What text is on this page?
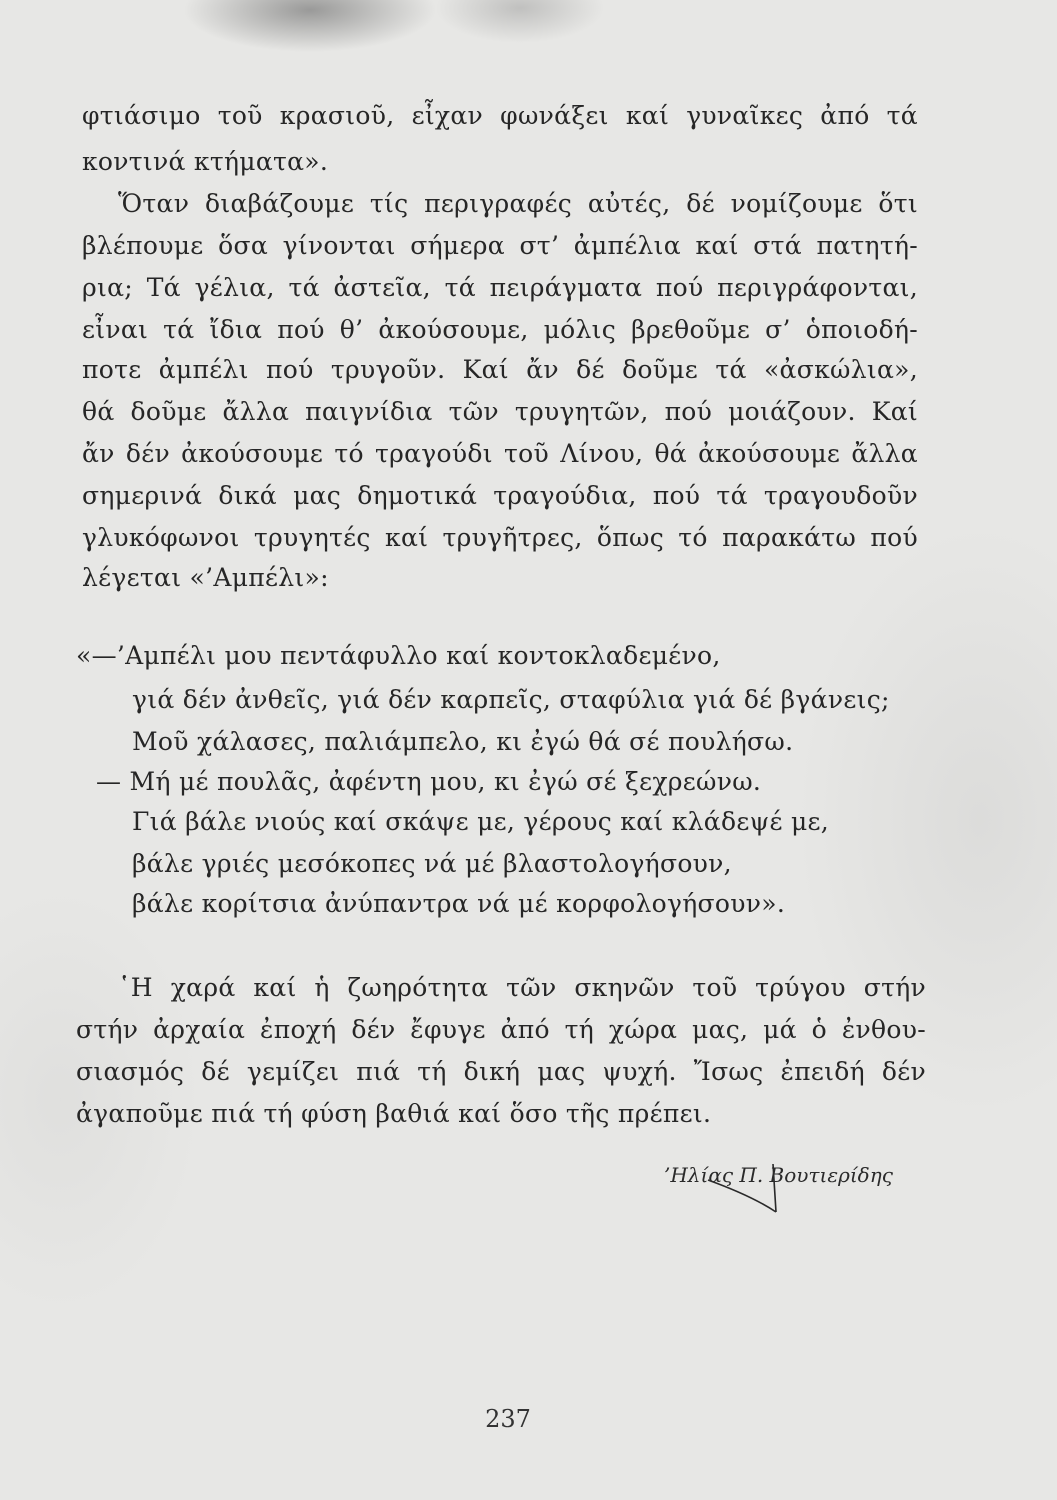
φτιάσιμο τοῦ κρασιοῦ, εἶχαν φωνάξει καί γυναῖκες ἀπό τά
κοντινά κτήματα».
Ὅταν διαβάζουμε τίς περιγραφές αὐτές, δέ νομίζουμε ὅτι
βλέπουμε ὅσα γίνονται σήμερα στ’ ἀμπέλια καί στά πατητή-
ρια; Τά γέλια, τά ἀστεῖα, τά πειράγματα πού περιγράφονται,
εἶναι τά ἴδια πού θ’ ἀκούσουμε, μόλις βρεθοῦμε σ’ ὁποιοδή-
ποτε ἀμπέλι πού τρυγοῦν. Καί ἄν δέ δοῦμε τά «ἀσκώλια»,
θά δοῦμε ἄλλα παιγνίδια τῶν τρυγητῶν, πού μοιάζουν. Καί
ἄν δέν ἀκούσουμε τό τραγούδι τοῦ Λίνου, θά ἀκούσουμε ἄλλα
σημερινά δικά μας δημοτικά τραγούδια, πού τά τραγουδοῦν
γλυκόφωνοι τρυγητές καί τρυγῆτρες, ὅπως τό παρακάτω πού
λέγεται «’Αμπέλι»:
«—’Αμπέλι μου πεντάφυλλο καί κοντοκλαδεμένο,
γιά δέν ἀνθεῖς, γιά δέν καρπεῖς, σταφύλια γιά δέ βγάνεις;
Μοῦ χάλασες, παλιάμπελο, κι ἐγώ θά σέ πουλήσω.
— Μή μέ πουλᾶς, ἀφέντη μου, κι ἐγώ σέ ξεχρεώνω.
Γιά βάλε νιούς καί σκάψε με, γέρους καί κλάδεψέ με,
βάλε γριές μεσόκοπες νά μέ βλαστολογήσουν,
βάλε κορίτσια ἀνύπαντρα νά μέ κορφολογήσουν».
῾Η χαρά καί ἡ ζωηρότητα τῶν σκηνῶν τοῦ τρύγου στήν
στήν ἀρχαία ἐποχή δέν ἔφυγε ἀπό τή χώρα μας, μά ὁ ἐνθου-
σιασμός δέ γεμίζει πιά τή δική μας ψυχή. Ἴσως ἐπειδή δέν
ἀγαποῦμε πιά τή φύση βαθιά καί ὅσο τῆς πρέπει.
’Ηλίας Π. Βουτιερίδης
237
